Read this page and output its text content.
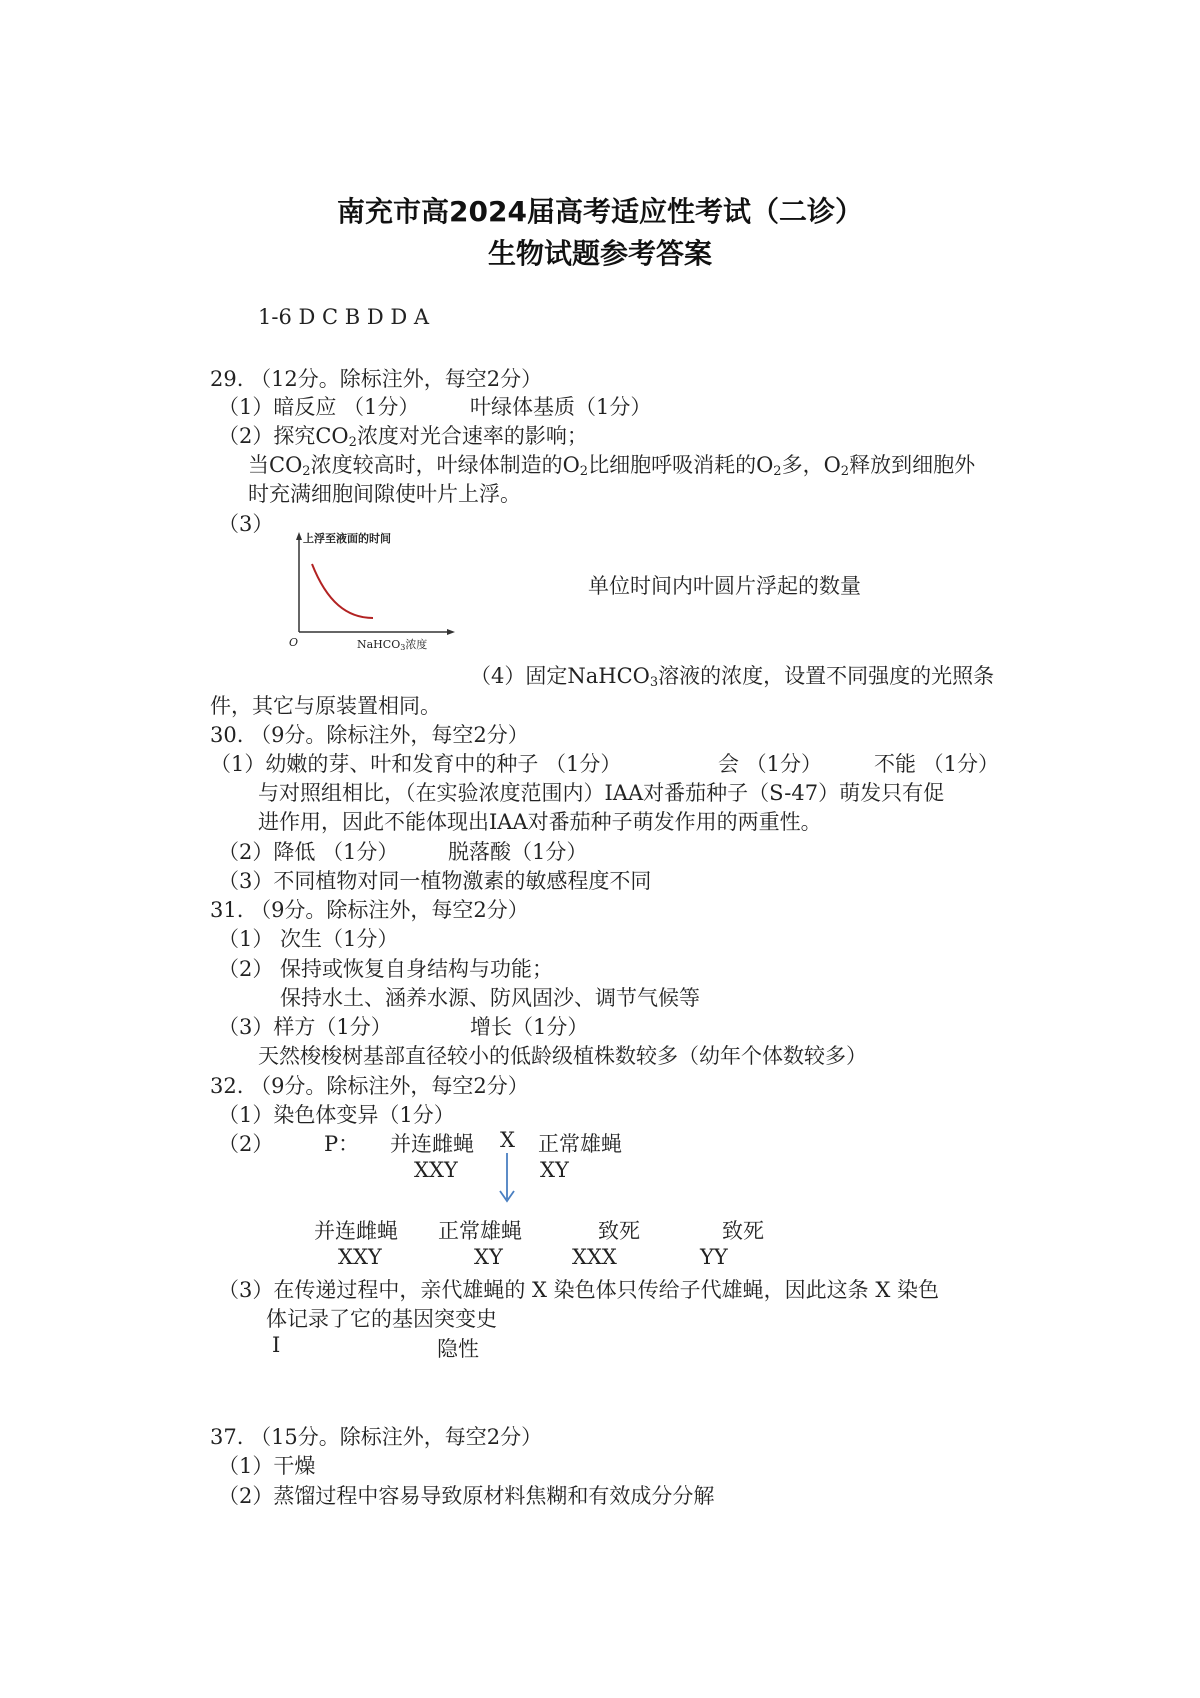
南充市高2024届高考适应性考试（二诊）
生物试题参考答案
1-6 D C B D D A
29. （12分。除标注外，每空2分）
（1）暗反应 （1分） 叶绿体基质（1分）
（2）探究$CO_2$浓度对光合速率的影响；
当$CO_2$浓度较高时，叶绿体制造的$O_2$比细胞呼吸消耗的$O_2$多，$O_2$释放到细胞外
时充满细胞间隙使叶片上浮。
（3）
上浮至液面的时间
O	NaHCO3浓度
单位时间内叶圆片浮起的数量
（4）固定NaHCO$_3$溶液的浓度，设置不同强度的光照条
件，其它与原装置相同。
30. （9分。除标注外，每空2分）
（1）幼嫩的芽、叶和发育中的种子 （1分）	会 （1分） 不能 （1分）
与对照组相比，（在实验浓度范围内）IAA对番茄种子（S-47）萌发只有促
进作用，因此不能体现出IAA对番茄种子萌发作用的两重性。
（2）降低 （1分） 脱落酸（1分）
（3）不同植物对同一植物激素的敏感程度不同
31. （9分。除标注外，每空2分）
（1） 次生（1分）
（2） 保持或恢复自身结构与功能；
保持水土、涵养水源、防风固沙、调节气候等
（3）样方（1分）	增长（1分）
天然梭梭树基部直径较小的低龄级植株数较多（幼年个体数较多）
32. （9分。除标注外，每空2分）
（1）染色体变异（1分）
（2） P： 并连雌蝇 X 正常雄蝇
XXY	XY
并连雌蝇 正常雄蝇	致死	致死
XXY	XY	XXX	YY
（3）在传递过程中，亲代雄蝇的 X 染色体只传给子代雄蝇，因此这条 X 染色
体记录了它的基因突变史
Ⅰ	隐性
37. （15分。除标注外，每空2分）
（1）干燥
（2）蒸馏过程中容易导致原材料焦糊和有效成分分解
